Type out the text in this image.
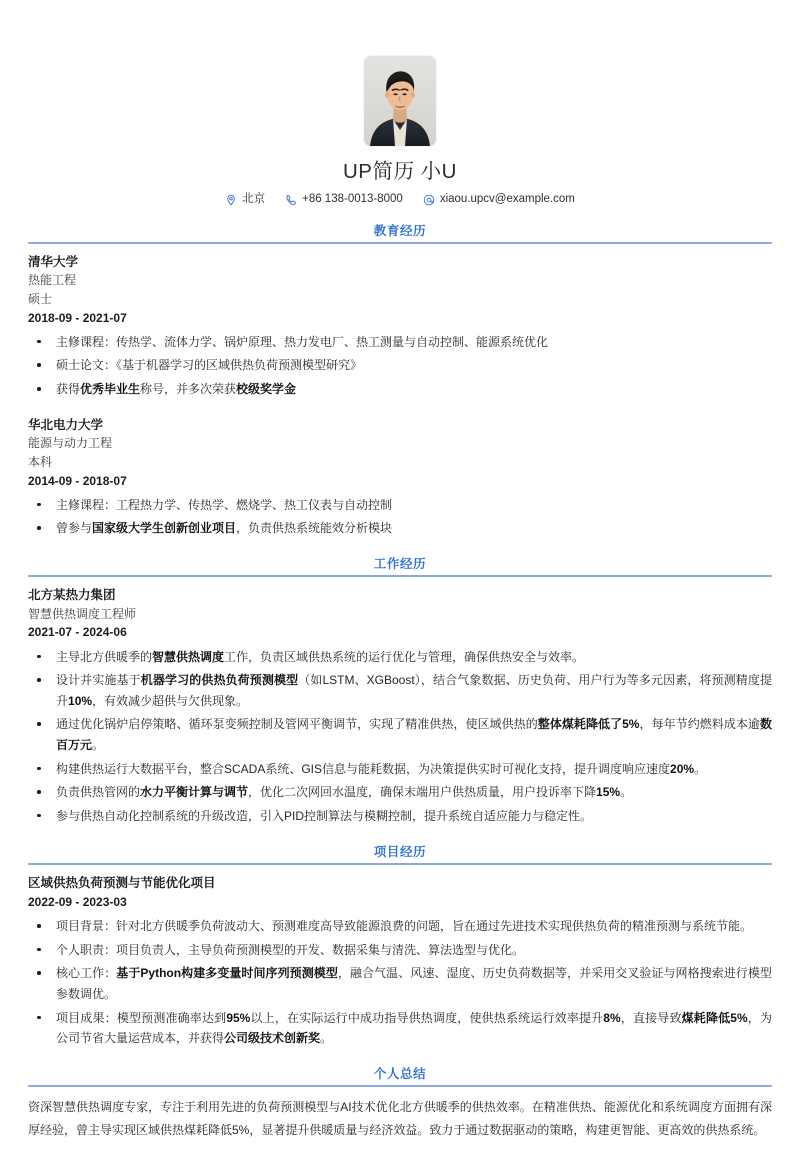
UP简历 小U
北京	+86 138-0013-8000	xiaou.upcv@example.com
教育经历
清华大学
热能工程
硕士
2018-09 - 2021-07
主修课程：传热学、流体力学、锅炉原理、热力发电厂、热工测量与自动控制、能源系统优化
硕士论文：《基于机器学习的区域供热负荷预测模型研究》
获得优秀毕业生称号，并多次荣获校级奖学金
华北电力大学
能源与动力工程
本科
2014-09 - 2018-07
主修课程：工程热力学、传热学、燃烧学、热工仪表与自动控制
曾参与国家级大学生创新创业项目，负责供热系统能效分析模块
工作经历
北方某热力集团
智慧供热调度工程师
2021-07 - 2024-06
主导北方供暖季的智慧供热调度工作，负责区域供热系统的运行优化与管理，确保供热安全与效率。
设计并实施基于机器学习的供热负荷预测模型（如LSTM、XGBoost），结合气象数据、历史负荷、用户行为等多元因素，将预测精度提升10%，有效减少超供与欠供现象。
通过优化锅炉启停策略、循环泵变频控制及管网平衡调节，实现了精准供热，使区域供热的整体煤耗降低了5%，每年节约燃料成本逾数百万元。
构建供热运行大数据平台，整合SCADA系统、GIS信息与能耗数据，为决策提供实时可视化支持，提升调度响应速度20%。
负责供热管网的水力平衡计算与调节，优化二次网回水温度，确保末端用户供热质量，用户投诉率下降15%。
参与供热自动化控制系统的升级改造，引入PID控制算法与模糊控制，提升系统自适应能力与稳定性。
项目经历
区域供热负荷预测与节能优化项目
2022-09 - 2023-03
项目背景：针对北方供暖季负荷波动大、预测难度高导致能源浪费的问题，旨在通过先进技术实现供热负荷的精准预测与系统节能。
个人职责：项目负责人，主导负荷预测模型的开发、数据采集与清洗、算法选型与优化。
核心工作：基于Python构建多变量时间序列预测模型，融合气温、风速、湿度、历史负荷数据等，并采用交叉验证与网格搜索进行模型参数调优。
项目成果：模型预测准确率达到95%以上，在实际运行中成功指导供热调度，使供热系统运行效率提升8%，直接导致煤耗降低5%，为公司节省大量运营成本，并获得公司级技术创新奖。
个人总结
资深智慧供热调度专家，专注于利用先进的负荷预测模型与AI技术优化北方供暖季的供热效率。在精准供热、能源优化和系统调度方面拥有深厚经验，曾主导实现区域供热煤耗降低5%，显著提升供暖质量与经济效益。致力于通过数据驱动的策略，构建更智能、更高效的供热系统。
